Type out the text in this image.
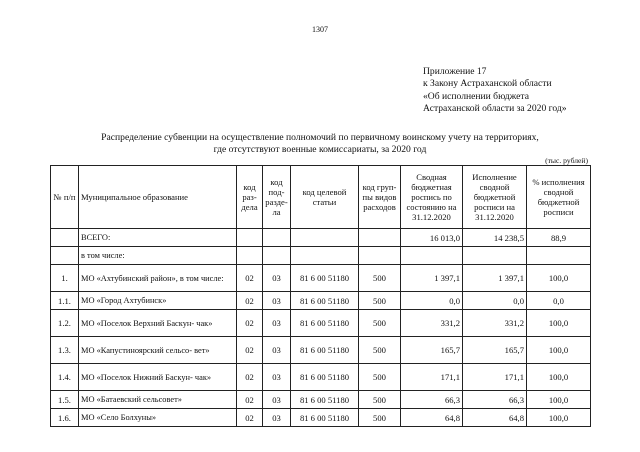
1307
Приложение 17
к Закону Астраханской области
«Об исполнении бюджета
Астраханской области за 2020 год»
Распределение субвенции на осуществление полномочий по первичному воинскому учету на территориях,
где отсутствуют военные комиссариаты, за 2020 год
(тыс. рублей)
№ п/п	Муниципальное образование	код раз- дела	код под- разде- ла	код целевой статьи	код груп- пы видов расходов	Сводная бюджетная роспись по состоянию на 31.12.2020	Исполнение сводной бюджетной росписи на 31.12.2020	% исполнения сводной бюджетной росписи
	ВСЕГО:					16 013,0	14 238,5	88,9
	в том числе:							
1.	МО «Ахтубинский район», в том числе:	02	03	81 6 00 51180	500	1 397,1	1 397,1	100,0
1.1.	МО «Город Ахтубинск»	02	03	81 6 00 51180	500	0,0	0,0	0,0
1.2.	МО «Поселок Верхний Баскун- чак»	02	03	81 6 00 51180	500	331,2	331,2	100,0
1.3.	МО «Капустиноярский сельсо- вет»	02	03	81 6 00 51180	500	165,7	165,7	100,0
1.4.	МО «Поселок Нижний Баскун- чак»	02	03	81 6 00 51180	500	171,1	171,1	100,0
1.5.	МО «Батаевский сельсовет»	02	03	81 6 00 51180	500	66,3	66,3	100,0
1.6.	МО «Село Болхуны»	02	03	81 6 00 51180	500	64,8	64,8	100,0
